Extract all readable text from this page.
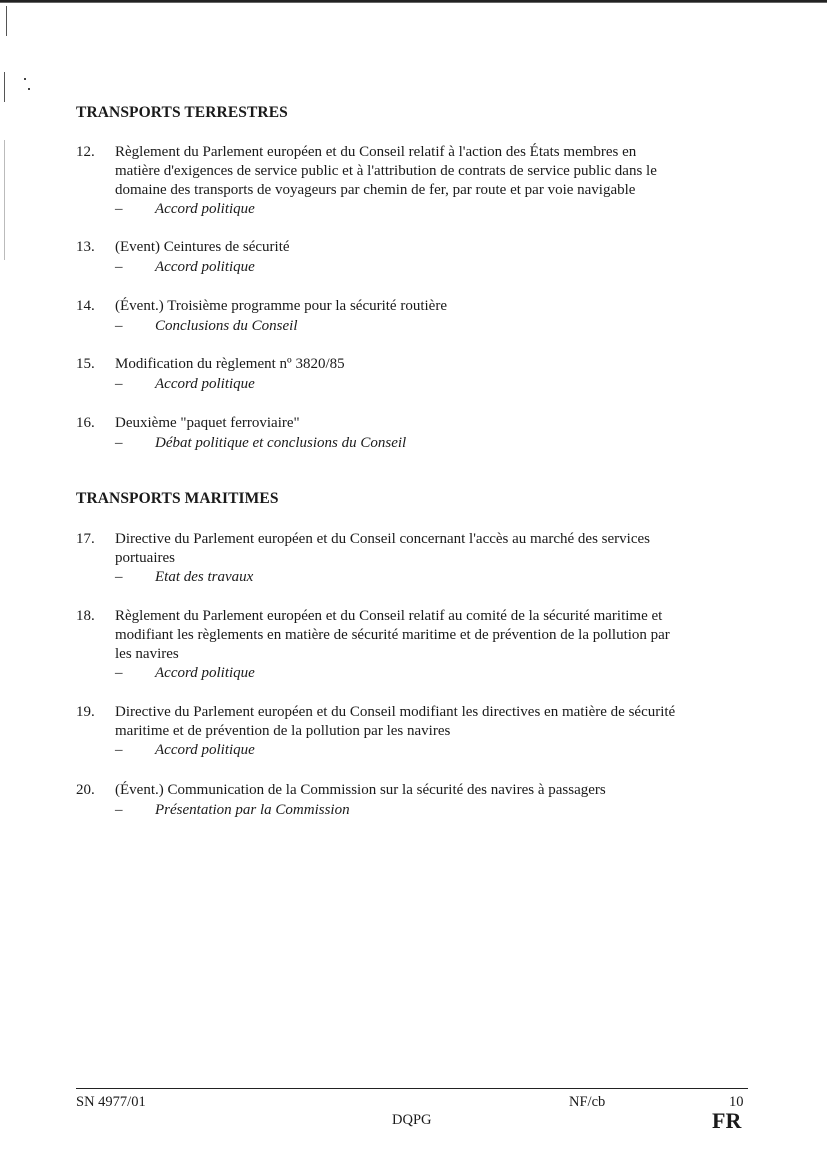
TRANSPORTS TERRESTRES
12.	Règlement du Parlement européen et du Conseil relatif à l'action des États membres en
matière d'exigences de service public et à l'attribution de contrats de service public dans le
domaine des transports de voyageurs par chemin de fer, par route et par voie navigable
– Accord politique
13.	(Event) Ceintures de sécurité
– Accord politique
14.	(Évent.) Troisième programme pour la sécurité routière
– Conclusions du Conseil
15.	Modification du règlement nº 3820/85
– Accord politique
16.	Deuxième "paquet ferroviaire"
– Débat politique et conclusions du Conseil
TRANSPORTS MARITIMES
17.	Directive du Parlement européen et du Conseil concernant l'accès au marché des services
portuaires
– Etat des travaux
18.	Règlement du Parlement européen et du Conseil relatif au comité de la sécurité maritime et
modifiant les règlements en matière de sécurité maritime et de prévention de la pollution par
les navires
– Accord politique
19.	Directive du Parlement européen et du Conseil modifiant les directives en matière de sécurité
maritime et de prévention de la pollution par les navires
– Accord politique
20.	(Évent.) Communication de la Commission sur la sécurité des navires à passagers
– Présentation par la Commission
SN 4977/01	NF/cb	10
DQPG	FR
